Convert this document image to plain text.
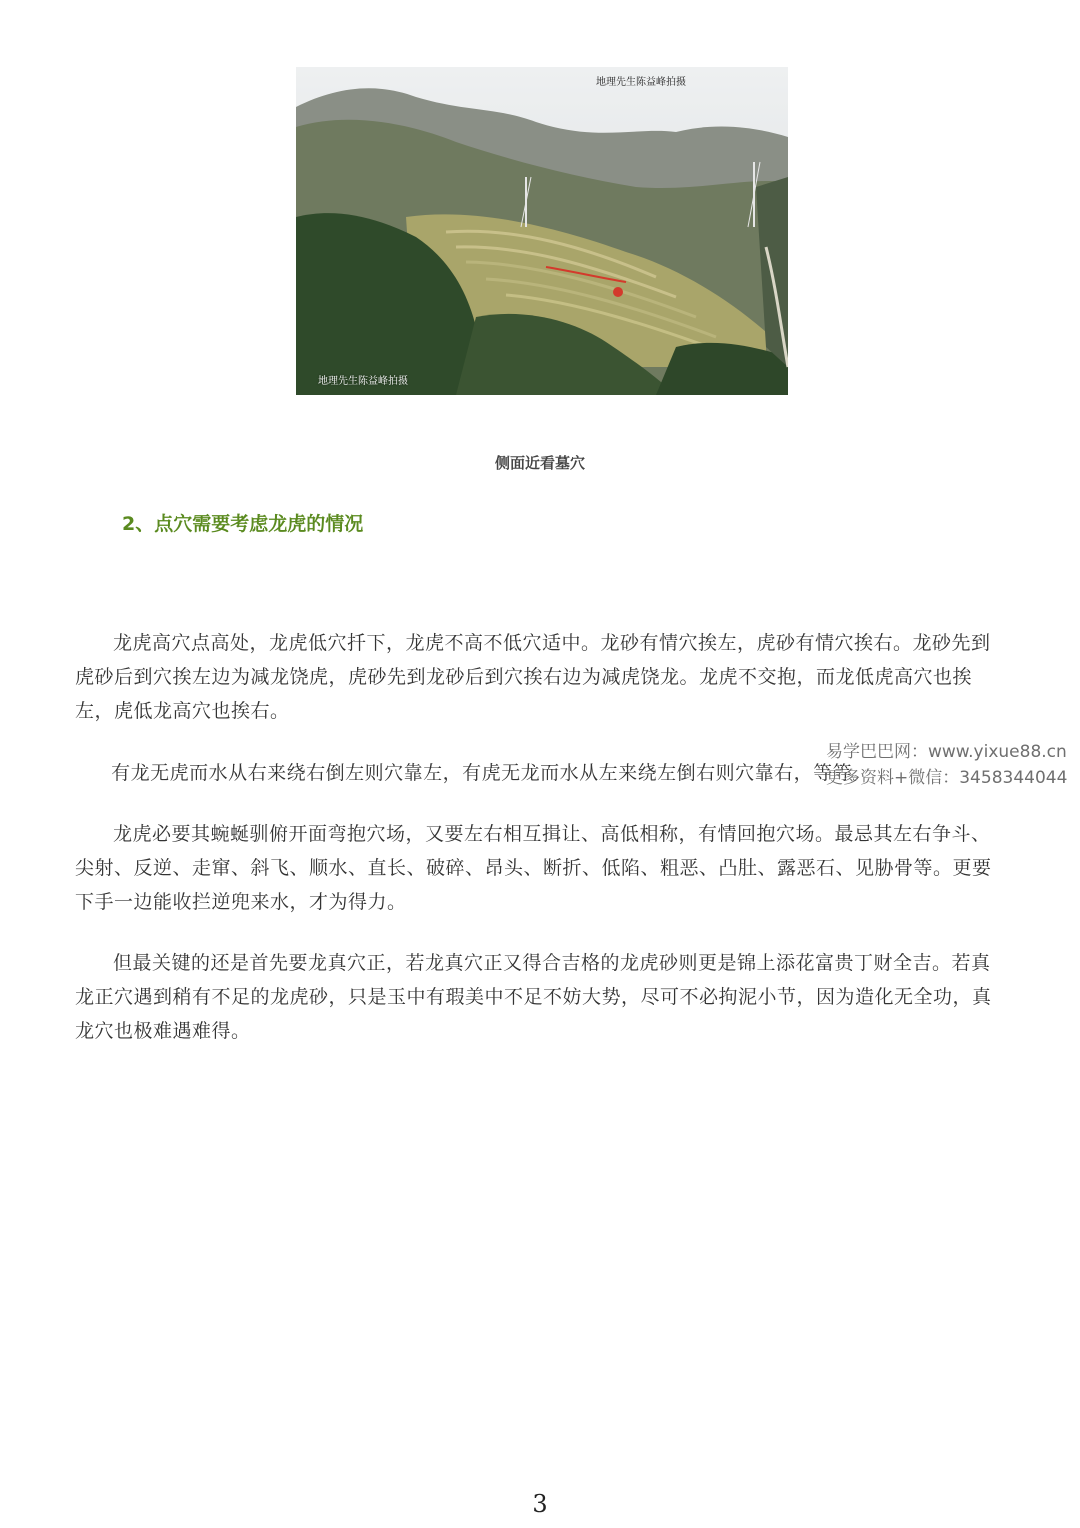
地理先生陈益峰拍摄
地理先生陈益峰拍摄
侧面近看墓穴
2、点穴需要考虑龙虎的情况

龙虎高穴点高处，龙虎低穴扦下，龙虎不高不低穴适中。龙砂有情穴挨左，虎砂有情穴挨右。龙砂先到虎砂后到穴挨左边为减龙饶虎，虎砂先到龙砂后到穴挨右边为减虎饶龙。龙虎不交抱，而龙低虎高穴也挨左，虎低龙高穴也挨右。

有龙无虎而水从右来绕右倒左则穴靠左，有虎无龙而水从左来绕左倒右则穴靠右，等等。

龙虎必要其蜿蜒驯俯开面弯抱穴场，又要左右相互揖让、高低相称，有情回抱穴场。最忌其左右争斗、尖射、反逆、走窜、斜飞、顺水、直长、破碎、昂头、断折、低陷、粗恶、凸肚、露恶石、见胁骨等。更要下手一边能收拦逆兜来水，才为得力。

但最关键的还是首先要龙真穴正，若龙真穴正又得合吉格的龙虎砂则更是锦上添花富贵丁财全吉。若真龙正穴遇到稍有不足的龙虎砂，只是玉中有瑕美中不足不妨大势，尽可不必拘泥小节，因为造化无全功，真龙穴也极难遇难得。

易学巴巴网：www.yixue88.cn
更多资料+微信：3458344044
3
